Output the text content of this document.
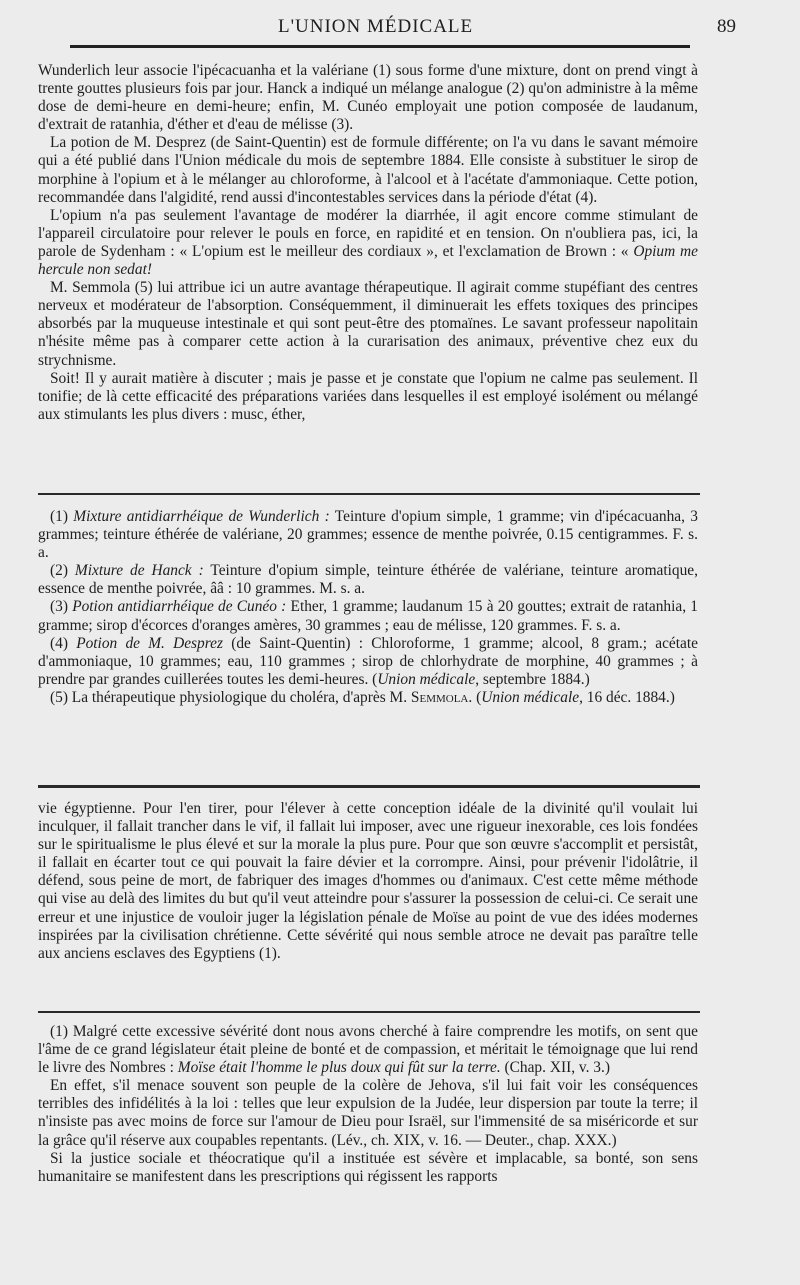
L'UNION MÉDICALE	89

Wunderlich leur associe l'ipécacuanha et la valériane (1) sous forme d'une mixture, dont on prend vingt à trente gouttes plusieurs fois par jour. Hanck a indiqué un mélange analogue (2) qu'on administre à la même dose de demi-heure en demi-heure; enfin, M. Cunéo employait une potion composée de laudanum, d'extrait de ratanhia, d'éther et d'eau de mélisse (3).

La potion de M. Desprez (de Saint-Quentin) est de formule différente; on l'a vu dans le savant mémoire qui a été publié dans l'Union médicale du mois de septembre 1884. Elle consiste à substituer le sirop de morphine à l'opium et à le mélanger au chloroforme, à l'alcool et à l'acétate d'ammoniaque. Cette potion, recommandée dans l'algidité, rend aussi d'incontestables services dans la période d'état (4).

L'opium n'a pas seulement l'avantage de modérer la diarrhée, il agit encore comme stimulant de l'appareil circulatoire pour relever le pouls en force, en rapidité et en tension. On n'oubliera pas, ici, la parole de Sydenham : « L'opium est le meilleur des cordiaux », et l'exclamation de Brown : « Opium me hercule non sedat!

M. Semmola (5) lui attribue ici un autre avantage thérapeutique. Il agirait comme stupéfiant des centres nerveux et modérateur de l'absorption. Conséquemment, il diminuerait les effets toxiques des principes absorbés par la muqueuse intestinale et qui sont peut-être des ptomaïnes. Le savant professeur napolitain n'hésite même pas à comparer cette action à la curarisation des animaux, préventive chez eux du strychnisme.

Soit! Il y aurait matière à discuter ; mais je passe et je constate que l'opium ne calme pas seulement. Il tonifie; de là cette efficacité des préparations variées dans lesquelles il est employé isolément ou mélangé aux stimulants les plus divers : musc, éther,

(1) Mixture antidiarrhéique de Wunderlich : Teinture d'opium simple, 1 gramme; vin d'ipécacuanha, 3 grammes; teinture éthérée de valériane, 20 grammes; essence de menthe poivrée, 0.15 centigrammes. F. s. a.

(2) Mixture de Hanck : Teinture d'opium simple, teinture éthérée de valériane, teinture aromatique, essence de menthe poivrée, ââ : 10 grammes. M. s. a.

(3) Potion antidiarrhéique de Cunéo : Ether, 1 gramme; laudanum 15 à 20 gouttes; extrait de ratanhia, 1 gramme; sirop d'écorces d'oranges amères, 30 grammes ; eau de mélisse, 120 grammes. F. s. a.

(4) Potion de M. Desprez (de Saint-Quentin) : Chloroforme, 1 gramme; alcool, 8 gram.; acétate d'ammoniaque, 10 grammes; eau, 110 grammes ; sirop de chlorhydrate de morphine, 40 grammes ; à prendre par grandes cuillerées toutes les demi-heures. (Union médicale, septembre 1884.)

(5) La thérapeutique physiologique du choléra, d'après M. Semmola. (Union médicale, 16 déc. 1884.)

vie égyptienne. Pour l'en tirer, pour l'élever à cette conception idéale de la divinité qu'il voulait lui inculquer, il fallait trancher dans le vif, il fallait lui imposer, avec une rigueur inexorable, ces lois fondées sur le spiritualisme le plus élevé et sur la morale la plus pure. Pour que son œuvre s'accomplit et persistât, il fallait en écarter tout ce qui pouvait la faire dévier et la corrompre. Ainsi, pour prévenir l'idolâtrie, il défend, sous peine de mort, de fabriquer des images d'hommes ou d'animaux. C'est cette même méthode qui vise au delà des limites du but qu'il veut atteindre pour s'assurer la possession de celui-ci. Ce serait une erreur et une injustice de vouloir juger la législation pénale de Moïse au point de vue des idées modernes inspirées par la civilisation chrétienne. Cette sévérité qui nous semble atroce ne devait pas paraître telle aux anciens esclaves des Egyptiens (1).

(1) Malgré cette excessive sévérité dont nous avons cherché à faire comprendre les motifs, on sent que l'âme de ce grand législateur était pleine de bonté et de compassion, et méritait le témoignage que lui rend le livre des Nombres : Moïse était l'homme le plus doux qui fût sur la terre. (Chap. XII, v. 3.)

En effet, s'il menace souvent son peuple de la colère de Jehova, s'il lui fait voir les conséquences terribles des infidélités à la loi : telles que leur expulsion de la Judée, leur dispersion par toute la terre; il n'insiste pas avec moins de force sur l'amour de Dieu pour Israël, sur l'immensité de sa miséricorde et sur la grâce qu'il réserve aux coupables repentants. (Lév., ch. XIX, v. 16. — Deuter., chap. XXX.)

Si la justice sociale et théocratique qu'il a instituée est sévère et implacable, sa bonté, son sens humanitaire se manifestent dans les prescriptions qui régissent les rapports
